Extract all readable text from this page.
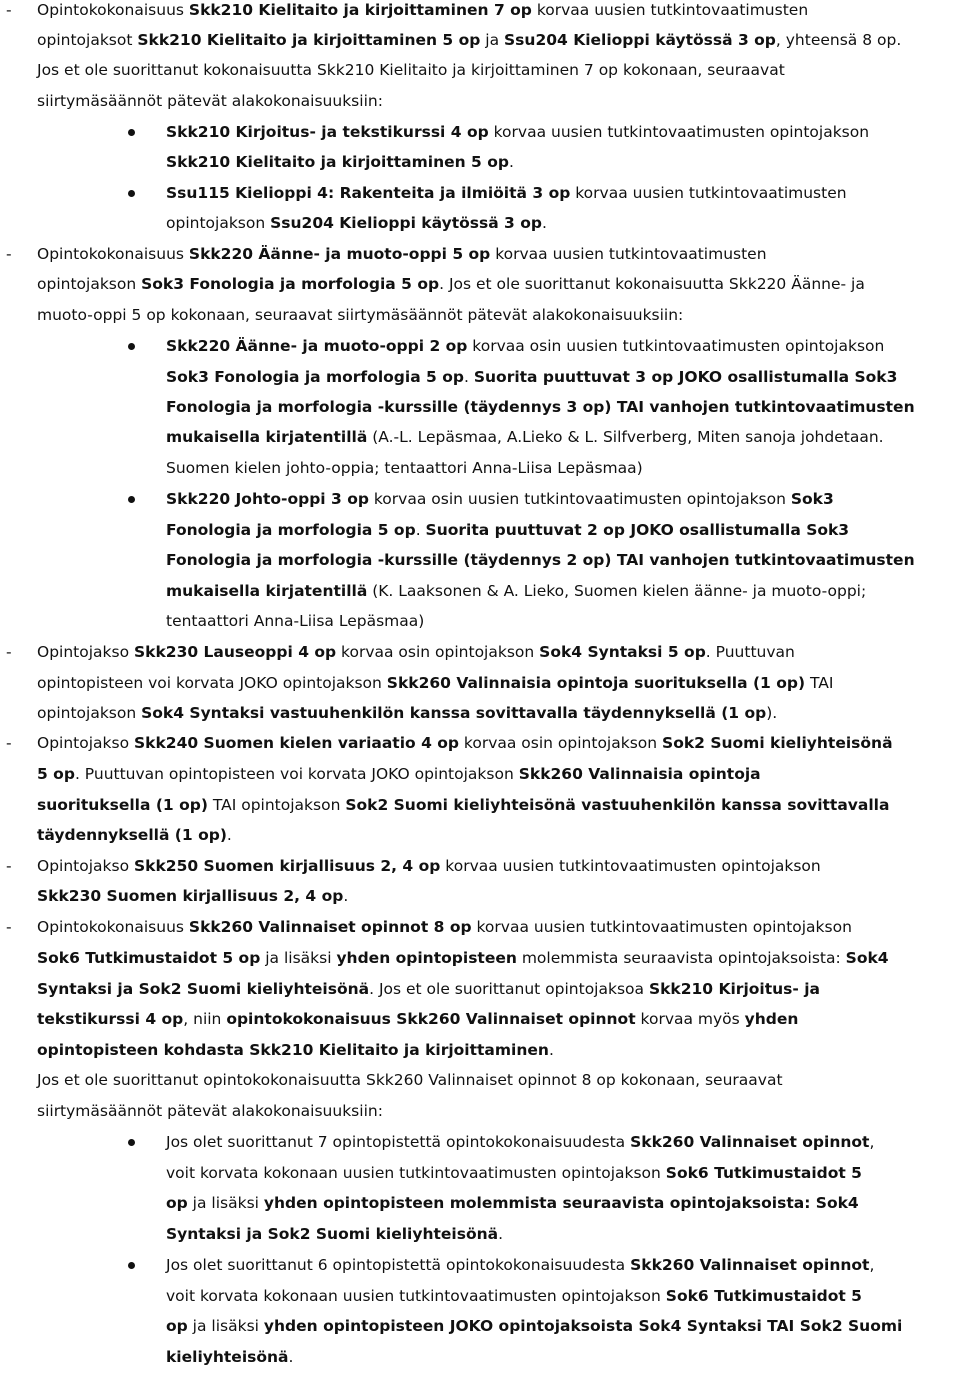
- Opintokokonaisuus Skk210 Kielitaito ja kirjoittaminen 7 op korvaa uusien tutkintovaatimusten
opintojaksot Skk210 Kielitaito ja kirjoittaminen 5 op ja Ssu204 Kielioppi käytössä 3 op, yhteensä 8 op.
Jos et ole suorittanut kokonaisuutta Skk210 Kielitaito ja kirjoittaminen 7 op kokonaan, seuraavat
siirtymäsäännöt pätevät alakokonaisuuksiin:
Skk210 Kirjoitus- ja tekstikurssi 4 op korvaa uusien tutkintovaatimusten opintojakson
Skk210 Kielitaito ja kirjoittaminen 5 op.
Ssu115 Kielioppi 4: Rakenteita ja ilmiöitä 3 op korvaa uusien tutkintovaatimusten
opintojakson Ssu204 Kielioppi käytössä 3 op.
- Opintokokonaisuus Skk220 Äänne- ja muoto-oppi 5 op korvaa uusien tutkintovaatimusten
opintojakson Sok3 Fonologia ja morfologia 5 op. Jos et ole suorittanut kokonaisuutta Skk220 Äänne- ja
muoto-oppi 5 op kokonaan, seuraavat siirtymäsäännöt pätevät alakokonaisuuksiin:
Skk220 Äänne- ja muoto-oppi 2 op korvaa osin uusien tutkintovaatimusten opintojakson
Sok3 Fonologia ja morfologia 5 op. Suorita puuttuvat 3 op JOKO osallistumalla Sok3
Fonologia ja morfologia -kurssille (täydennys 3 op) TAI vanhojen tutkintovaatimusten
mukaisella kirjatentillä (A.-L. Lepäsmaa, A.Lieko & L. Silfverberg, Miten sanoja johdetaan.
Suomen kielen johto-oppia; tentaattori Anna-Liisa Lepäsmaa)
Skk220 Johto-oppi 3 op korvaa osin uusien tutkintovaatimusten opintojakson Sok3
Fonologia ja morfologia 5 op. Suorita puuttuvat 2 op JOKO osallistumalla Sok3
Fonologia ja morfologia -kurssille (täydennys 2 op) TAI vanhojen tutkintovaatimusten
mukaisella kirjatentillä (K. Laaksonen & A. Lieko, Suomen kielen äänne- ja muoto-oppi;
tentaattori Anna-Liisa Lepäsmaa)
- Opintojakso Skk230 Lauseoppi 4 op korvaa osin opintojakson Sok4 Syntaksi 5 op. Puuttuvan
opintopisteen voi korvata JOKO opintojakson Skk260 Valinnaisia opintoja suorituksella (1 op) TAI
opintojakson Sok4 Syntaksi vastuuhenkilön kanssa sovittavalla täydennyksellä (1 op).
- Opintojakso Skk240 Suomen kielen variaatio 4 op korvaa osin opintojakson Sok2 Suomi kieliyhteisönä
5 op. Puuttuvan opintopisteen voi korvata JOKO opintojakson Skk260 Valinnaisia opintoja
suorituksella (1 op) TAI opintojakson Sok2 Suomi kieliyhteisönä vastuuhenkilön kanssa sovittavalla
täydennyksellä (1 op).
- Opintojakso Skk250 Suomen kirjallisuus 2, 4 op korvaa uusien tutkintovaatimusten opintojakson
Skk230 Suomen kirjallisuus 2, 4 op.
- Opintokokonaisuus Skk260 Valinnaiset opinnot 8 op korvaa uusien tutkintovaatimusten opintojakson
Sok6 Tutkimustaidot 5 op ja lisäksi yhden opintopisteen molemmista seuraavista opintojaksoista: Sok4
Syntaksi ja Sok2 Suomi kieliyhteisönä. Jos et ole suorittanut opintojaksoa Skk210 Kirjoitus- ja
tekstikurssi 4 op, niin opintokokonaisuus Skk260 Valinnaiset opinnot korvaa myös yhden
opintopisteen kohdasta Skk210 Kielitaito ja kirjoittaminen.
Jos et ole suorittanut opintokokonaisuutta Skk260 Valinnaiset opinnot 8 op kokonaan, seuraavat
siirtymäsäännöt pätevät alakokonaisuuksiin:
Jos olet suorittanut 7 opintopistettä opintokokonaisuudesta Skk260 Valinnaiset opinnot,
voit korvata kokonaan uusien tutkintovaatimusten opintojakson Sok6 Tutkimustaidot 5
op ja lisäksi yhden opintopisteen molemmista seuraavista opintojaksoista: Sok4
Syntaksi ja Sok2 Suomi kieliyhteisönä.
Jos olet suorittanut 6 opintopistettä opintokokonaisuudesta Skk260 Valinnaiset opinnot,
voit korvata kokonaan uusien tutkintovaatimusten opintojakson Sok6 Tutkimustaidot 5
op ja lisäksi yhden opintopisteen JOKO opintojaksoista Sok4 Syntaksi TAI Sok2 Suomi
kieliyhteisönä.
